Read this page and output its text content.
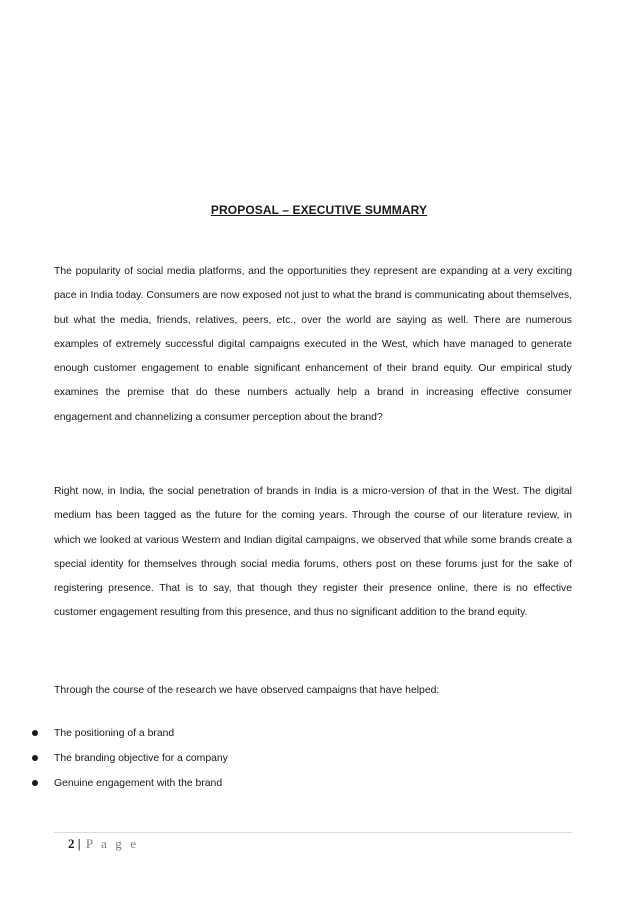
PROPOSAL – EXECUTIVE SUMMARY

The popularity of social media platforms, and the opportunities they represent are expanding at a very exciting pace in India today. Consumers are now exposed not just to what the brand is communicating about themselves, but what the media, friends, relatives, peers, etc., over the world are saying as well. There are numerous examples of extremely successful digital campaigns executed in the West, which have managed to generate enough customer engagement to enable significant enhancement of their brand equity. Our empirical study examines the premise that do these numbers actually help a brand in increasing effective consumer engagement and channelizing a consumer perception about the brand?

Right now, in India, the social penetration of brands in India is a micro-version of that in the West. The digital medium has been tagged as the future for the coming years. Through the course of our literature review, in which we looked at various Western and Indian digital campaigns, we observed that while some brands create a special identity for themselves through social media forums, others post on these forums just for the sake of registering presence. That is to say, that though they register their presence online, there is no effective customer engagement resulting from this presence, and thus no significant addition to the brand equity.

Through the course of the research we have observed campaigns that have helped:

The positioning of a brand
The branding objective for a company
Genuine engagement with the brand
2 | P a g e
